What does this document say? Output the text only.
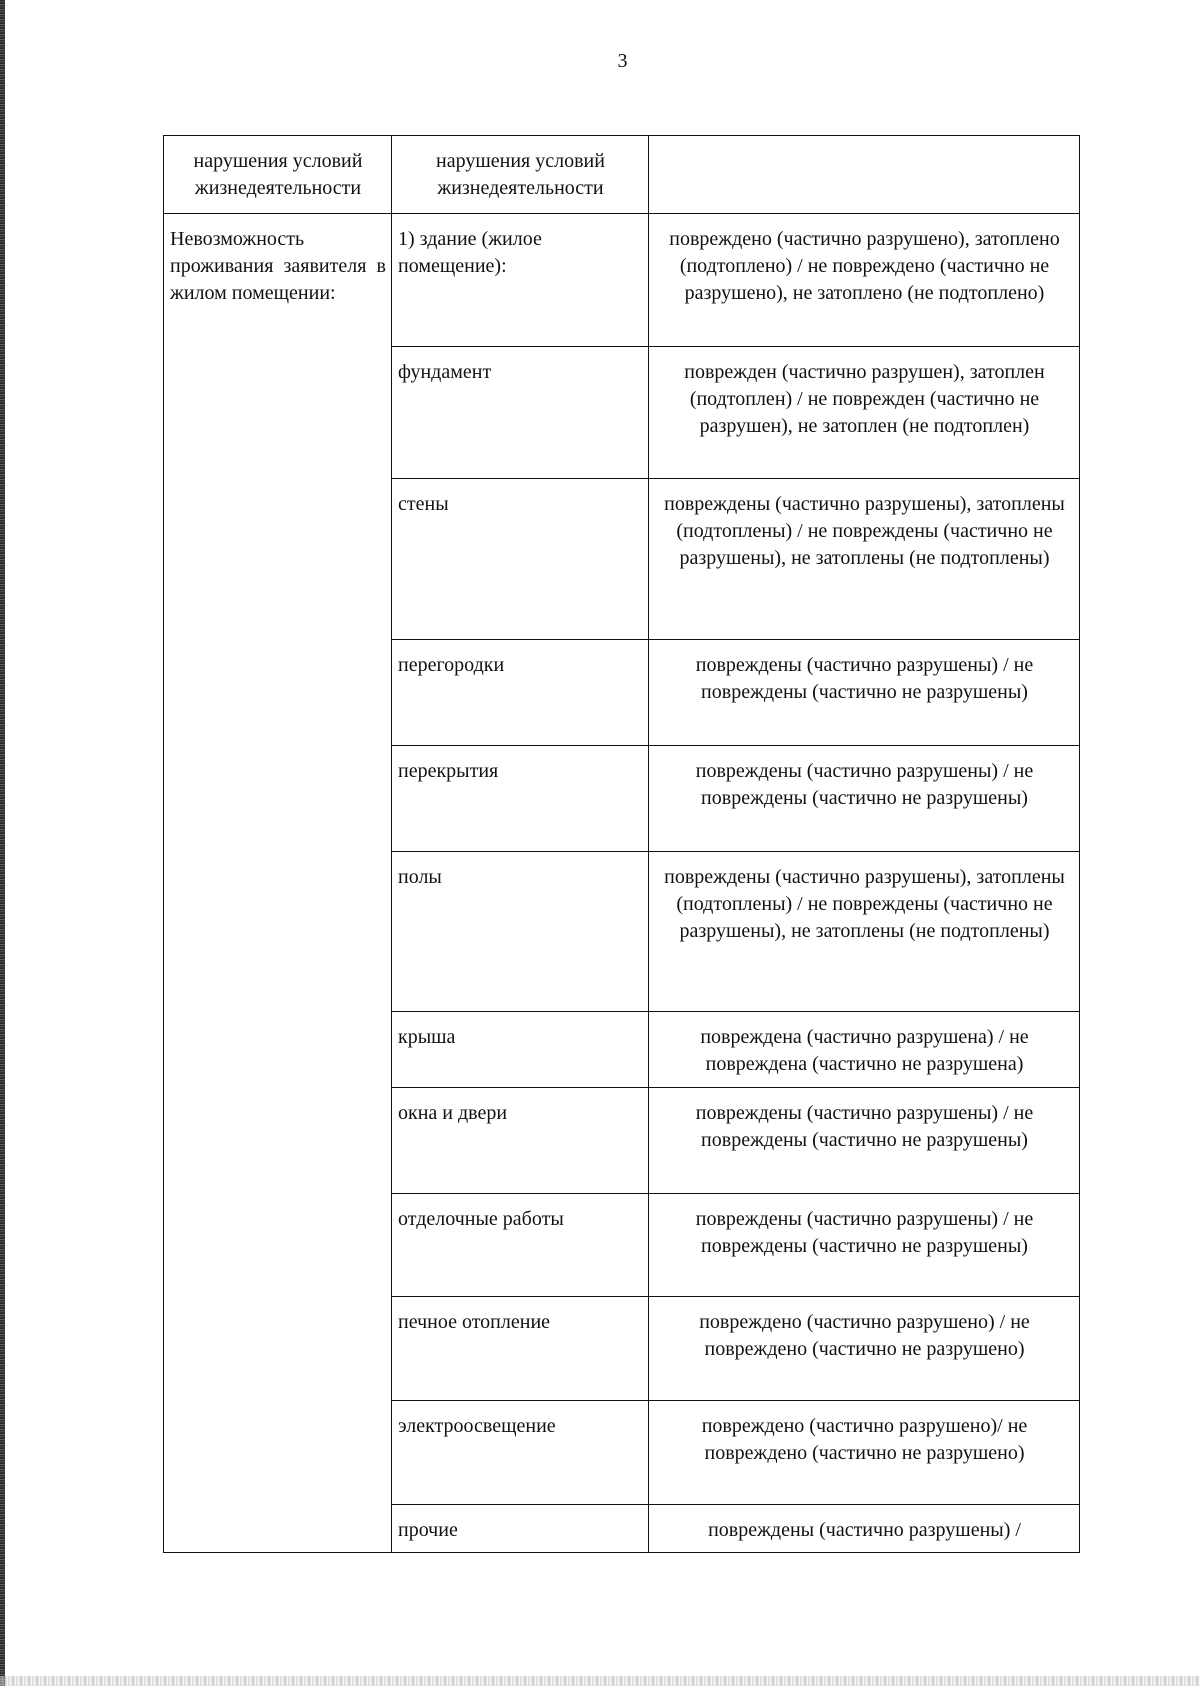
3
нарушения условий жизнедеятельности	нарушения условий жизнедеятельности	

Невозможность проживания заявителя в жилом помещении:	1) здание (жилое помещение):	повреждено (частично разрушено), затоплено (подтоплено) / не повреждено (частично не разрушено), не затоплено (не подтоплено)
	фундамент	поврежден (частично разрушен), затоплен (подтоплен) / не поврежден (частично не разрушен), не затоплен (не подтоплен)
	стены	повреждены (частично разрушены), затоплены (подтоплены) / не повреждены (частично не разрушены), не затоплены (не подтоплены)
	перегородки	повреждены (частично разрушены) / не повреждены (частично не разрушены)
	перекрытия	повреждены (частично разрушены) / не повреждены (частично не разрушены)
	полы	повреждены (частично разрушены), затоплены (подтоплены) / не повреждены (частично не разрушены), не затоплены (не подтоплены)
	крыша	повреждена (частично разрушена) / не повреждена (частично не разрушена)
	окна и двери	повреждены (частично разрушены) / не повреждены (частично не разрушены)
	отделочные работы	повреждены (частично разрушены) / не повреждены (частично не разрушены)
	печное отопление	повреждено (частично разрушено) / не повреждено (частично не разрушено)
	электроосвещение	повреждено (частично разрушено)/ не повреждено (частично не разрушено)
	прочие	повреждены (частично разрушены) /
